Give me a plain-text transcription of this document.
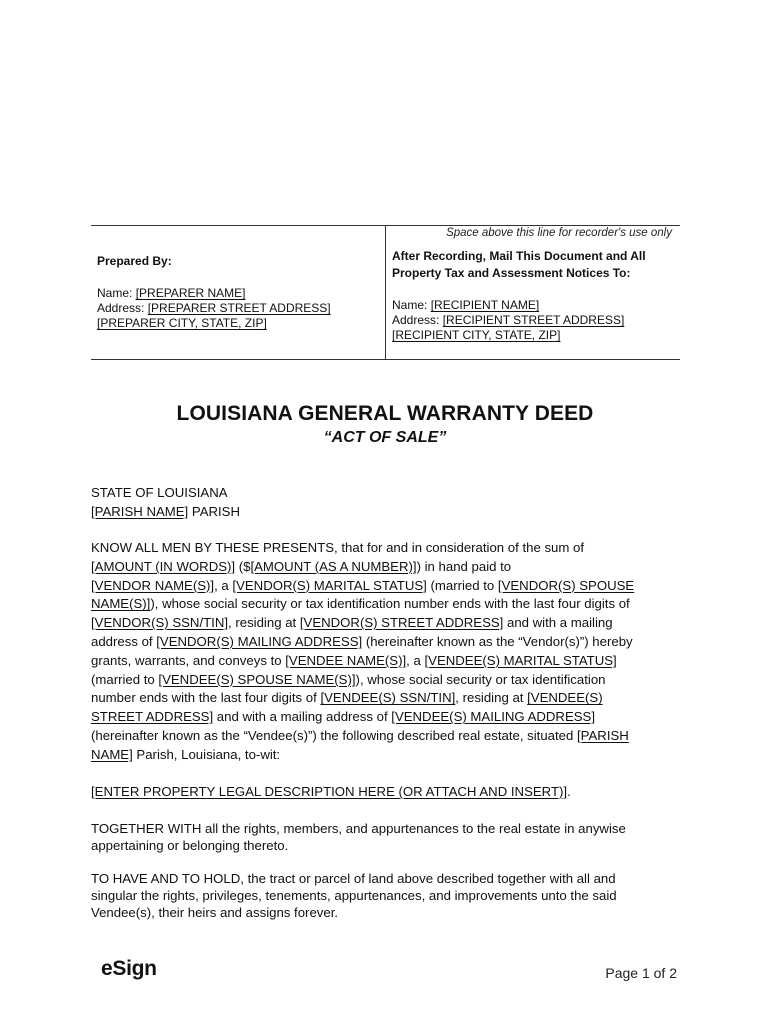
Space above this line for recorder's use only
Prepared By:
Name: [PREPARER NAME]
Address: [PREPARER STREET ADDRESS]
[PREPARER CITY, STATE, ZIP]
After Recording, Mail This Document and All
Property Tax and Assessment Notices To:
Name: [RECIPIENT NAME]
Address: [RECIPIENT STREET ADDRESS]
[RECIPIENT CITY, STATE, ZIP]
LOUISIANA GENERAL WARRANTY DEED
“ACT OF SALE”
STATE OF LOUISIANA
[PARISH NAME] PARISH
KNOW ALL MEN BY THESE PRESENTS, that for and in consideration of the sum of
[AMOUNT (IN WORDS)] ($[AMOUNT (AS A NUMBER)]) in hand paid to
[VENDOR NAME(S)], a [VENDOR(S) MARITAL STATUS] (married to [VENDOR(S) SPOUSE
NAME(S)]), whose social security or tax identification number ends with the last four digits of
[VENDOR(S) SSN/TIN], residing at [VENDOR(S) STREET ADDRESS] and with a mailing
address of [VENDOR(S) MAILING ADDRESS] (hereinafter known as the “Vendor(s)”) hereby
grants, warrants, and conveys to [VENDEE NAME(S)], a [VENDEE(S) MARITAL STATUS]
(married to [VENDEE(S) SPOUSE NAME(S)]), whose social security or tax identification
number ends with the last four digits of [VENDEE(S) SSN/TIN], residing at [VENDEE(S)
STREET ADDRESS] and with a mailing address of [VENDEE(S) MAILING ADDRESS]
(hereinafter known as the “Vendee(s)”) the following described real estate, situated [PARISH
NAME] Parish, Louisiana, to-wit:
[ENTER PROPERTY LEGAL DESCRIPTION HERE (OR ATTACH AND INSERT)].
TOGETHER WITH all the rights, members, and appurtenances to the real estate in anywise
appertaining or belonging thereto.
TO HAVE AND TO HOLD, the tract or parcel of land above described together with all and
singular the rights, privileges, tenements, appurtenances, and improvements unto the said
Vendee(s), their heirs and assigns forever.
eSign	Page 1 of 2
